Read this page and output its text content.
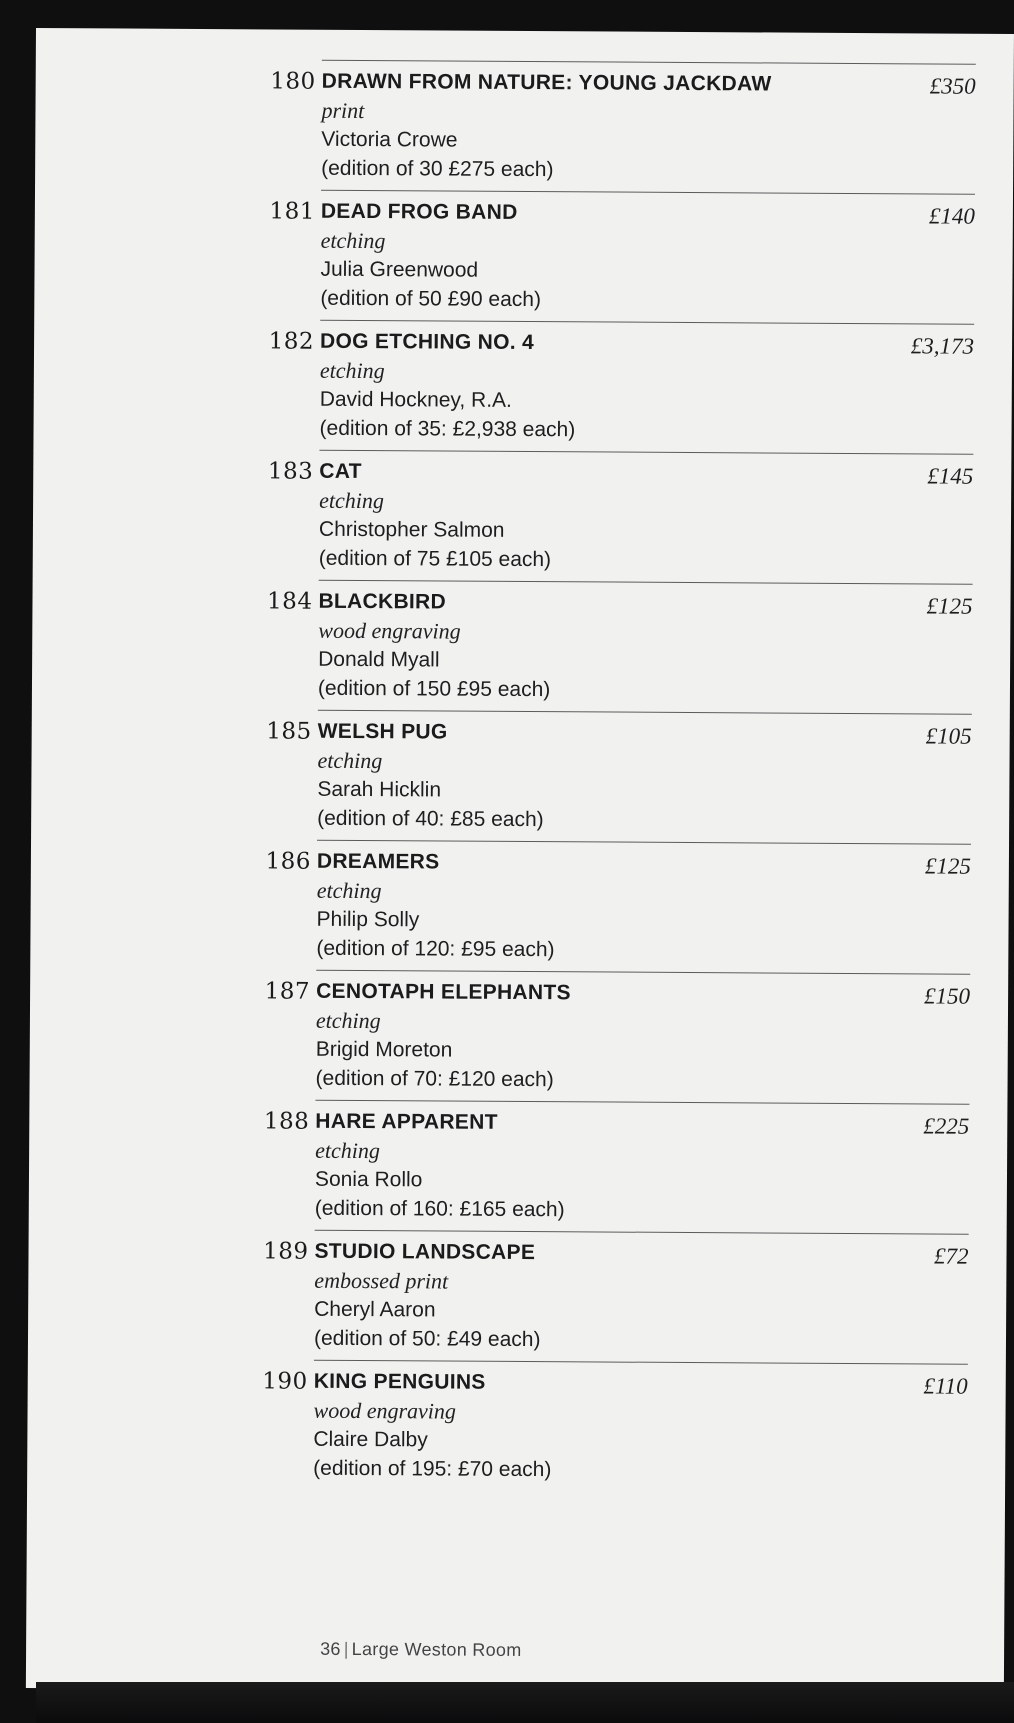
180 DRAWN FROM NATURE: YOUNG JACKDAW
print
Victoria Crowe
(edition of 30 £275 each)
£350
181 DEAD FROG BAND
etching
Julia Greenwood
(edition of 50 £90 each)
£140
182 DOG ETCHING NO. 4
etching
David Hockney, R.A.
(edition of 35: £2,938 each)
£3,173
183 CAT
etching
Christopher Salmon
(edition of 75 £105 each)
£145
184 BLACKBIRD
wood engraving
Donald Myall
(edition of 150 £95 each)
£125
185 WELSH PUG
etching
Sarah Hicklin
(edition of 40: £85 each)
£105
186 DREAMERS
etching
Philip Solly
(edition of 120: £95 each)
£125
187 CENOTAPH ELEPHANTS
etching
Brigid Moreton
(edition of 70: £120 each)
£150
188 HARE APPARENT
etching
Sonia Rollo
(edition of 160: £165 each)
£225
189 STUDIO LANDSCAPE
embossed print
Cheryl Aaron
(edition of 50: £49 each)
£72
190 KING PENGUINS
wood engraving
Claire Dalby
(edition of 195: £70 each)
£110
36 | Large Weston Room
